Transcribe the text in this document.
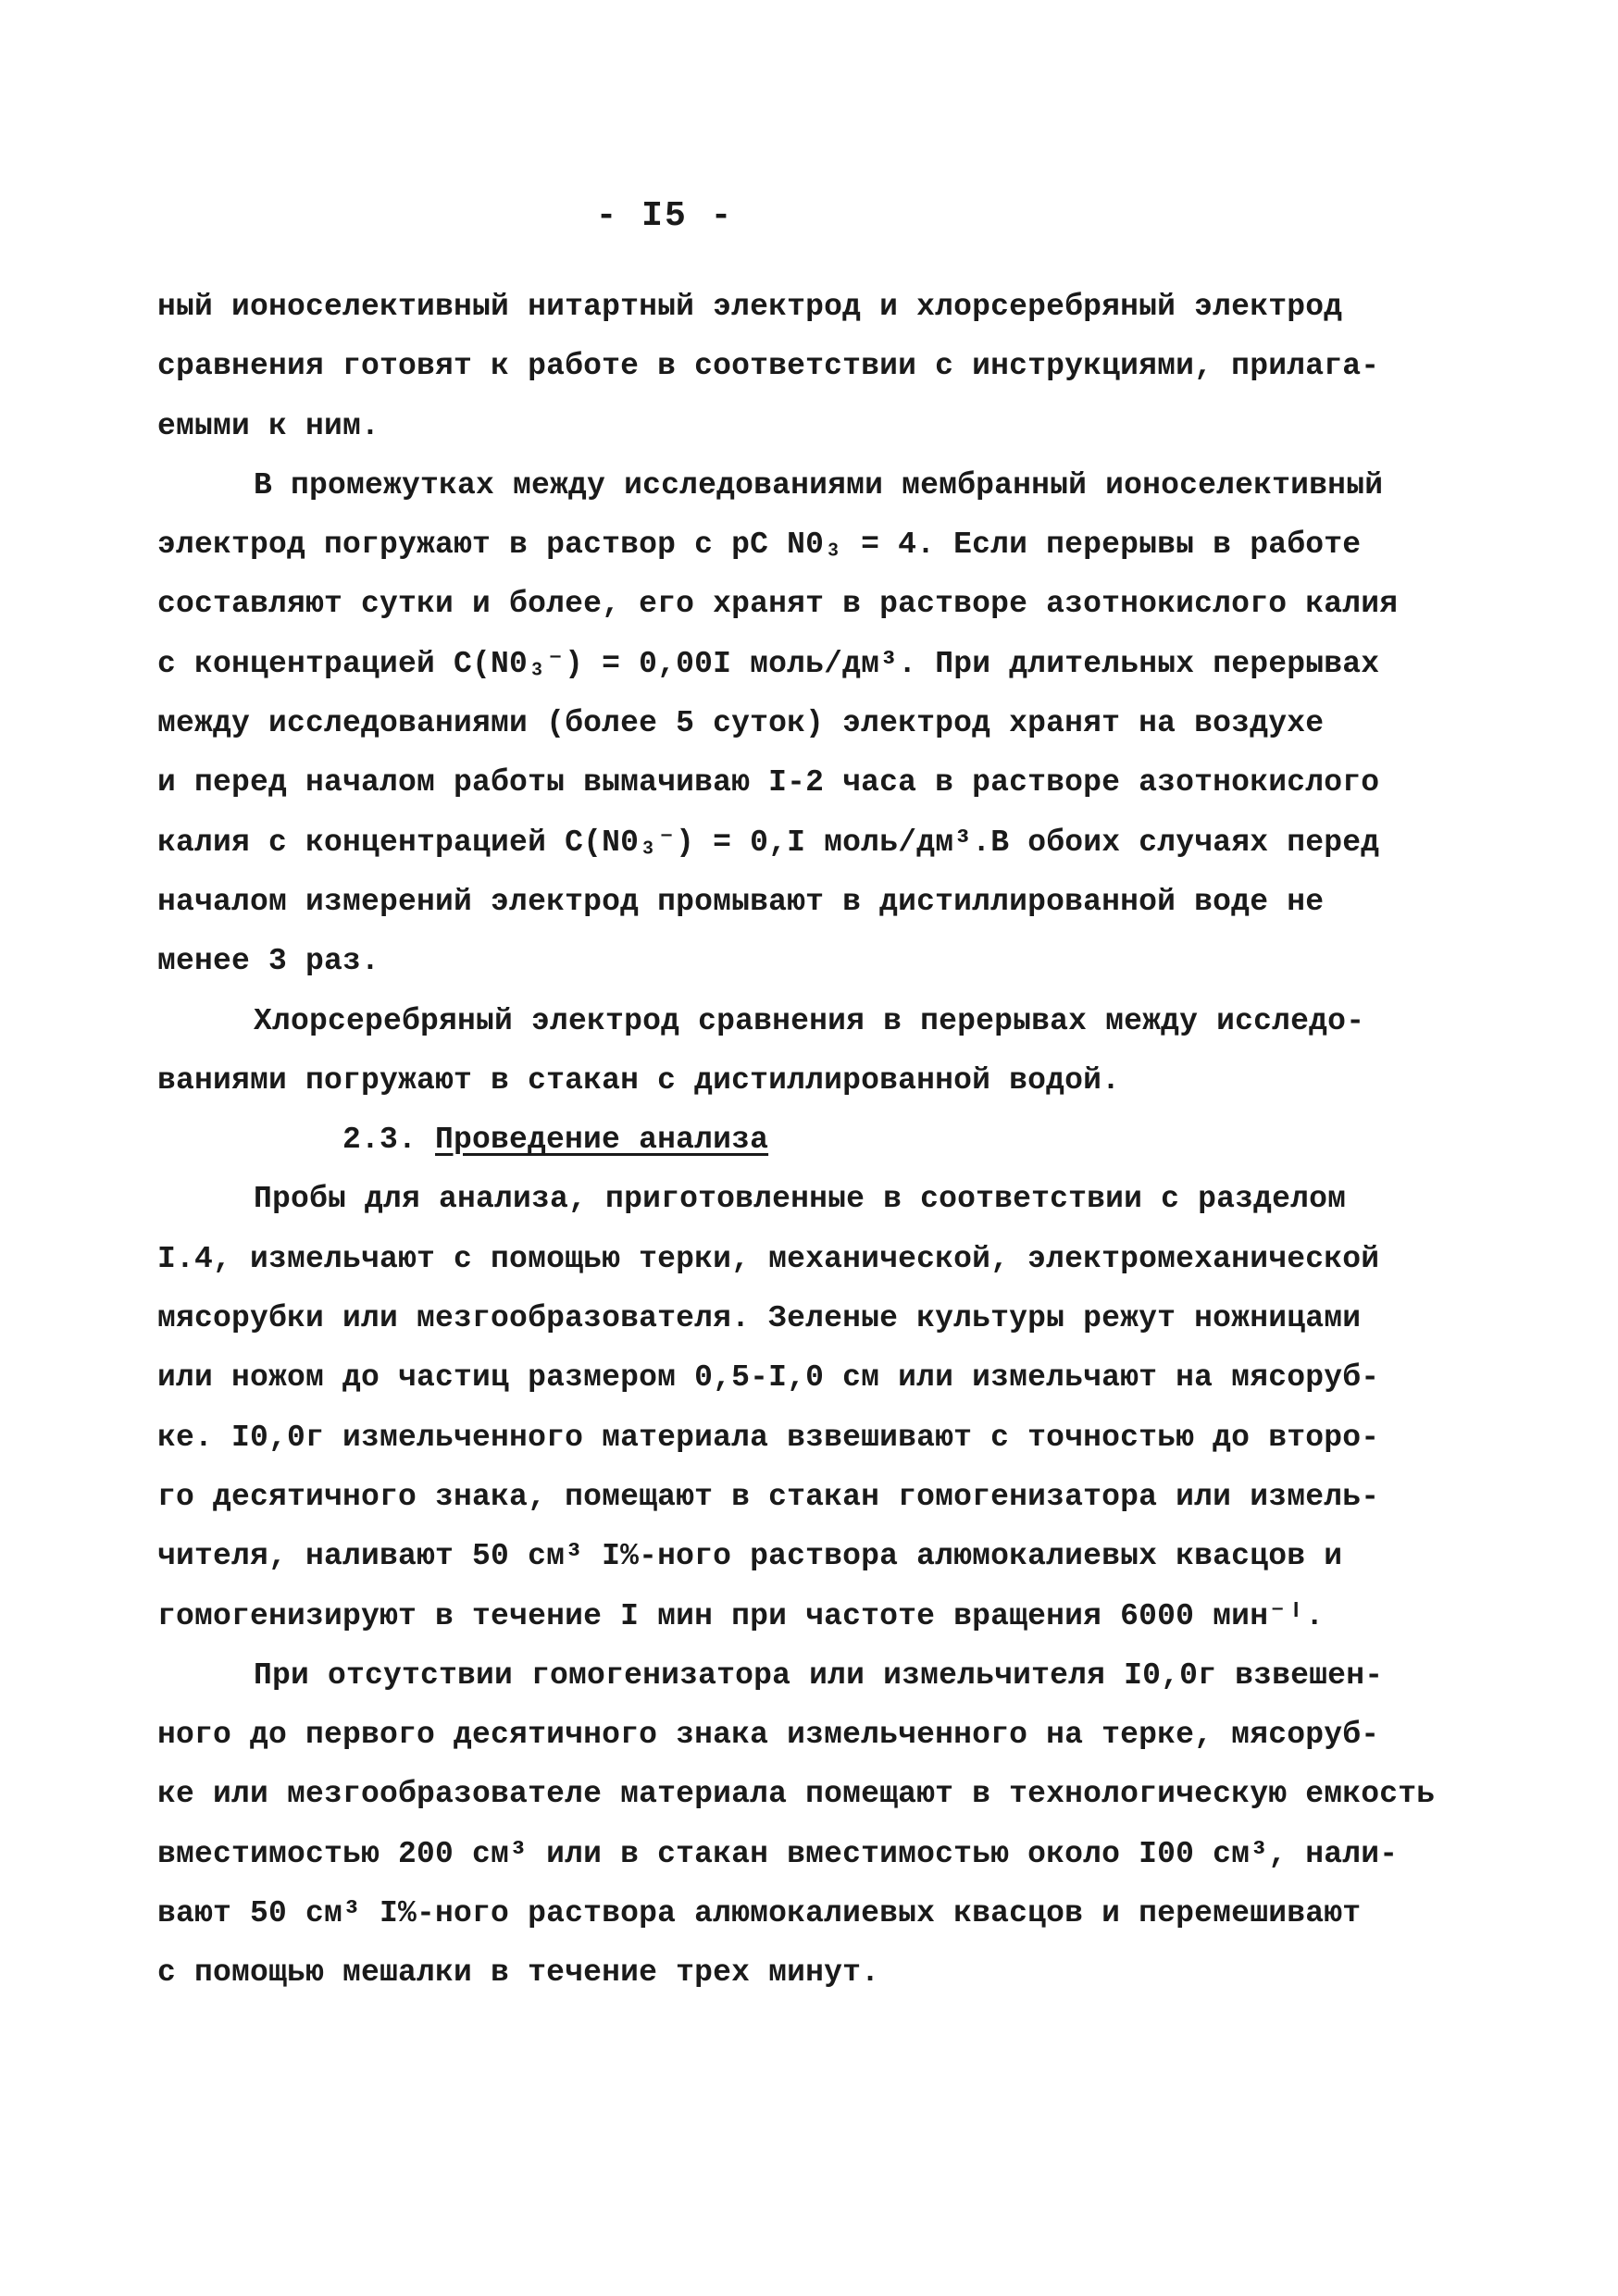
- I5 -
ный ионоселективный нитартный электрод и хлорсеребряный электрод
сравнения готовят к работе в соответствии с инструкциями, прилага-
емыми к ним.
В промежутках между исследованиями мембранный ионоселективный
электрод погружают в раствор с pC N0₃ = 4. Если перерывы в работе
составляют сутки и более, его хранят в растворе азотнокислого калия
с концентрацией C(N0₃⁻) = 0,00I моль/дм³. При длительных перерывах
между исследованиями (более 5 суток) электрод хранят на воздухе
и перед началом работы вымачиваю I-2 часа в растворе азотнокислого
калия с концентрацией C(N0₃⁻) = 0,I моль/дм³.В обоих случаях перед
началом измерений электрод промывают в дистиллированной воде не
менее 3 раз.
Хлорсеребряный электрод сравнения в перерывах между исследо-
ваниями погружают в стакан с дистиллированной водой.
2.3. Проведение анализа
Пробы для анализа, приготовленные в соответствии с разделом
I.4, измельчают с помощью терки, механической, электромеханической
мясорубки или мезгообразователя. Зеленые культуры режут ножницами
или ножом до частиц размером 0,5-I,0 см или измельчают на мясоруб-
ке. I0,0г измельченного материала взвешивают с точностью до второ-
го десятичного знака, помещают в стакан гомогенизатора или измель-
чителя, наливают 50 см³ I%-ного раствора алюмокалиевых квасцов и
гомогенизируют в течение I мин при частоте вращения 6000 мин⁻ᴵ.
При отсутствии гомогенизатора или измельчителя I0,0г взвешен-
ного до первого десятичного знака измельченного на терке, мясоруб-
ке или мезгообразователе материала помещают в технологическую емкость
вместимостью 200 см³ или в стакан вместимостью около I00 см³, нали-
вают 50 см³ I%-ного раствора алюмокалиевых квасцов и перемешивают
с помощью мешалки в течение трех минут.
